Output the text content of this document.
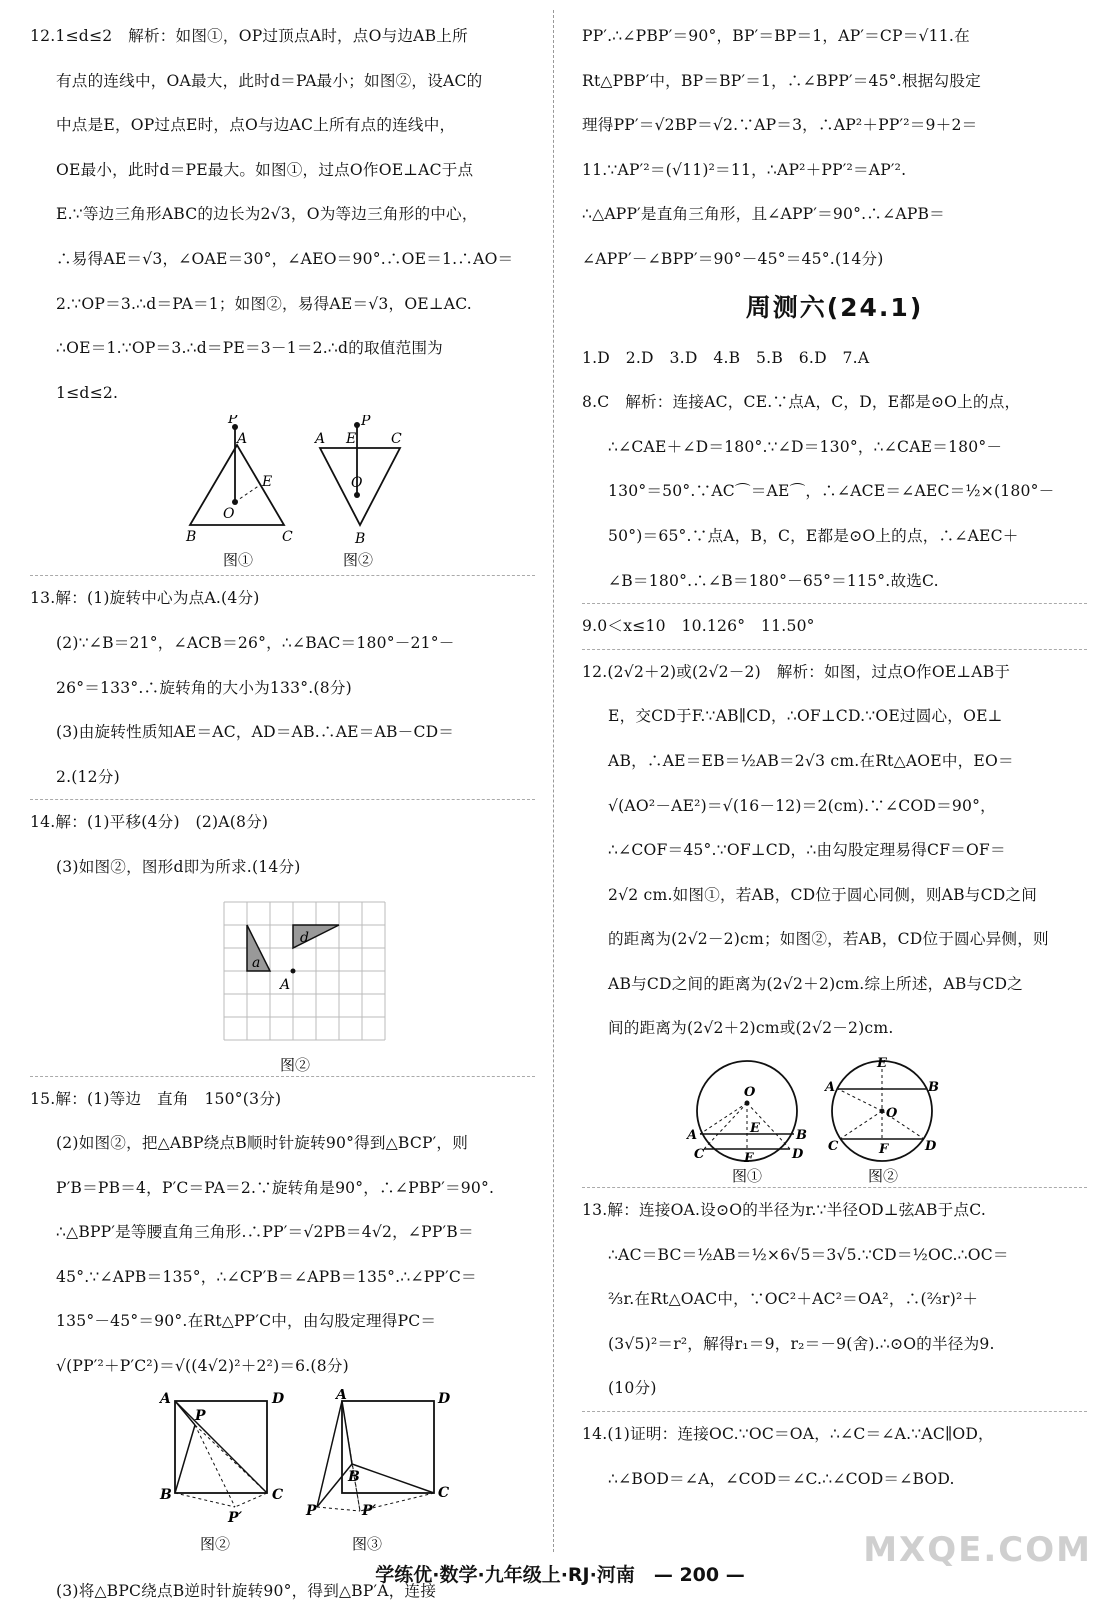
12.1≤d≤2　解析：如图①，OP过顶点A时，点O与边AB上所

有点的连线中，OA最大，此时d＝PA最小；如图②，设AC的

中点是E，OP过点E时，点O与边AC上所有点的连线中，

OE最小，此时d＝PE最大。如图①，过点O作OE⊥AC于点

E.∵等边三角形ABC的边长为2√3，O为等边三角形的中心，

∴易得AE＝√3，∠OAE＝30°，∠AEO＝90°.∴OE＝1.∴AO＝

2.∵OP＝3.∴d＝PA＝1；如图②，易得AE＝√3，OE⊥AC.

∴OE＝1.∵OP＝3.∴d＝PE＝3－1＝2.∴d的取值范围为

1≤d≤2.

P
A
E
O
B	C
图①
P
A E C
O
B
图②

13.解：(1)旋转中心为点A.(4分)

(2)∵∠B＝21°，∠ACB＝26°，∴∠BAC＝180°－21°－

26°＝133°.∴旋转角的大小为133°.(8分)

(3)由旋转性质知AE＝AC，AD＝AB.∴AE＝AB－CD＝

2.(12分)

14.解：(1)平移(4分)　(2)A(8分)

(3)如图②，图形d即为所求.(14分)

a
d
A
图②

15.解：(1)等边　直角　150°(3分)

(2)如图②，把△ABP绕点B顺时针旋转90°得到△BCP′，则

P′B＝PB＝4，P′C＝PA＝2.∵旋转角是90°，∴∠PBP′＝90°.

∴△BPP′是等腰直角三角形.∴PP′＝√2PB＝4√2，∠PP′B＝

45°.∵∠APB＝135°，∴∠CP′B＝∠APB＝135°.∴∠PP′C＝

135°－45°＝90°.在Rt△PP′C中，由勾股定理得PC＝

√(PP′²＋P′C²)＝√((4√2)²＋2²)＝6.(8分)

A	D
P
B	C
P′
图②
A	D
B
C
P	P′
图③

(3)将△BPC绕点B逆时针旋转90°，得到△BP′A，连接

PP′.∴∠PBP′＝90°，BP′＝BP＝1，AP′＝CP＝√11.在

Rt△PBP′中，BP＝BP′＝1，∴∠BPP′＝45°.根据勾股定

理得PP′＝√2BP＝√2.∵AP＝3，∴AP²＋PP′²＝9＋2＝

11.∵AP′²＝(√11)²＝11，∴AP²＋PP′²＝AP′².

∴△APP′是直角三角形，且∠APP′＝90°.∴∠APB＝

∠APP′－∠BPP′＝90°－45°＝45°.(14分)

周测六(24.1)

1.D　2.D　3.D　4.B　5.B　6.D　7.A

8.C　解析：连接AC，CE.∵点A，C，D，E都是⊙O上的点，

∴∠CAE＋∠D＝180°.∵∠D＝130°，∴∠CAE＝180°－

130°＝50°.∵AC⌒＝AE⌒，∴∠ACE＝∠AEC＝½×(180°－

50°)＝65°.∵点A，B，C，E都是⊙O上的点，∴∠AEC＋

∠B＝180°.∴∠B＝180°－65°＝115°.故选C.

9.0＜x≤10　10.126°　11.50°

12.(2√2＋2)或(2√2－2)　解析：如图，过点O作OE⊥AB于

E，交CD于F.∵AB∥CD，∴OF⊥CD.∵OE过圆心，OE⊥

AB，∴AE＝EB＝½AB＝2√3 cm.在Rt△AOE中，EO＝

√(AO²－AE²)＝√(16－12)＝2(cm).∵∠COD＝90°，

∴∠COF＝45°.∵OF⊥CD，∴由勾股定理易得CF＝OF＝

2√2 cm.如图①，若AB，CD位于圆心同侧，则AB与CD之间

的距离为(2√2－2)cm；如图②，若AB，CD位于圆心异侧，则

AB与CD之间的距离为(2√2＋2)cm.综上所述，AB与CD之

间的距离为(2√2＋2)cm或(2√2－2)cm.

O
A	B
C
E
F	D
图①
E
A	B
O
C	F	D
图②

13.解：连接OA.设⊙O的半径为r.∵半径OD⊥弦AB于点C.

∴AC＝BC＝½AB＝½×6√5＝3√5.∵CD＝½OC.∴OC＝

⅔r.在Rt△OAC中，∵OC²＋AC²＝OA²，∴(⅔r)²＋

(3√5)²＝r²，解得r₁＝9，r₂＝－9(舍).∴⊙O的半径为9.

(10分)

14.(1)证明：连接OC.∵OC＝OA，∴∠C＝∠A.∵AC∥OD，

∴∠BOD＝∠A，∠COD＝∠C.∴∠COD＝∠BOD.

学练优·数学·九年级上·RJ·河南　— 200 —
MXQE.COM
